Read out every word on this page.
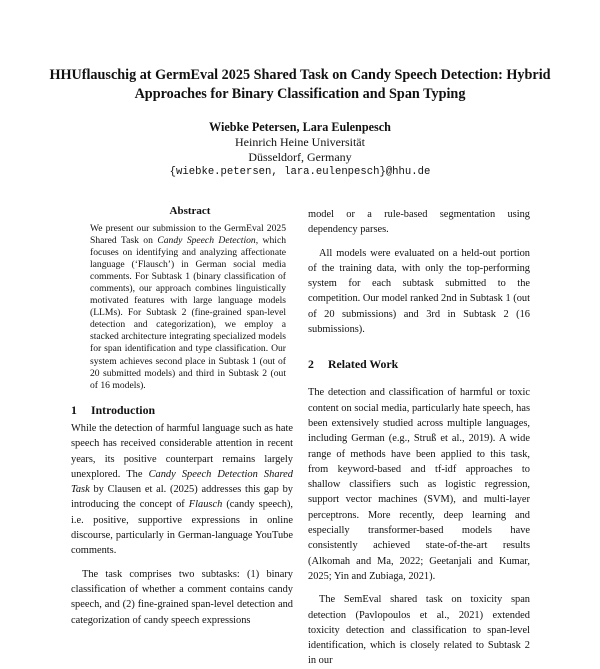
HHUflauschig at GermEval 2025 Shared Task on Candy Speech Detection: Hybrid Approaches for Binary Classification and Span Typing
Wiebke Petersen, Lara Eulenpesch
Heinrich Heine Universität
Düsseldorf, Germany
{wiebke.petersen, lara.eulenpesch}@hhu.de
Abstract

We present our submission to the GermEval 2025 Shared Task on Candy Speech Detection, which focuses on identifying and analyzing affectionate language (‘Flausch’) in German social media comments. For Subtask 1 (binary classification of comments), our approach combines linguistically motivated features with large language models (LLMs). For Subtask 2 (fine-grained span-level detection and categorization), we employ a stacked architecture integrating specialized models for span identification and type classification. Our system achieves second place in Subtask 1 (out of 20 submitted models) and third in Subtask 2 (out of 16 models).

1 Introduction

While the detection of harmful language such as hate speech has received considerable attention in recent years, its positive counterpart remains largely unexplored. The Candy Speech Detection Shared Task by Clausen et al. (2025) addresses this gap by introducing the concept of Flausch (candy speech), i.e. positive, supportive expressions in online discourse, particularly in German-language YouTube comments.

The task comprises two subtasks: (1) binary classification of whether a comment contains candy speech, and (2) fine-grained span-level detection and categorization of candy speech expressions

model or a rule-based segmentation using dependency parses.

All models were evaluated on a held-out portion of the training data, with only the top-performing system for each subtask submitted to the competition. Our model ranked 2nd in Subtask 1 (out of 20 submissions) and 3rd in Subtask 2 (16 submissions).

2 Related Work

The detection and classification of harmful or toxic content on social media, particularly hate speech, has been extensively studied across multiple languages, including German (e.g., Struß et al., 2019). A wide range of methods have been applied to this task, from keyword-based and tf-idf approaches to shallow classifiers such as logistic regression, support vector machines (SVM), and multi-layer perceptrons. More recently, deep learning and especially transformer-based models have consistently achieved state-of-the-art results (Alkomah and Ma, 2022; Geetanjali and Kumar, 2025; Yin and Zubiaga, 2021).

The SemEval shared task on toxicity span detection (Pavlopoulos et al., 2021) extended toxicity detection and classification to span-level identification, which is closely related to Subtask 2 in our
